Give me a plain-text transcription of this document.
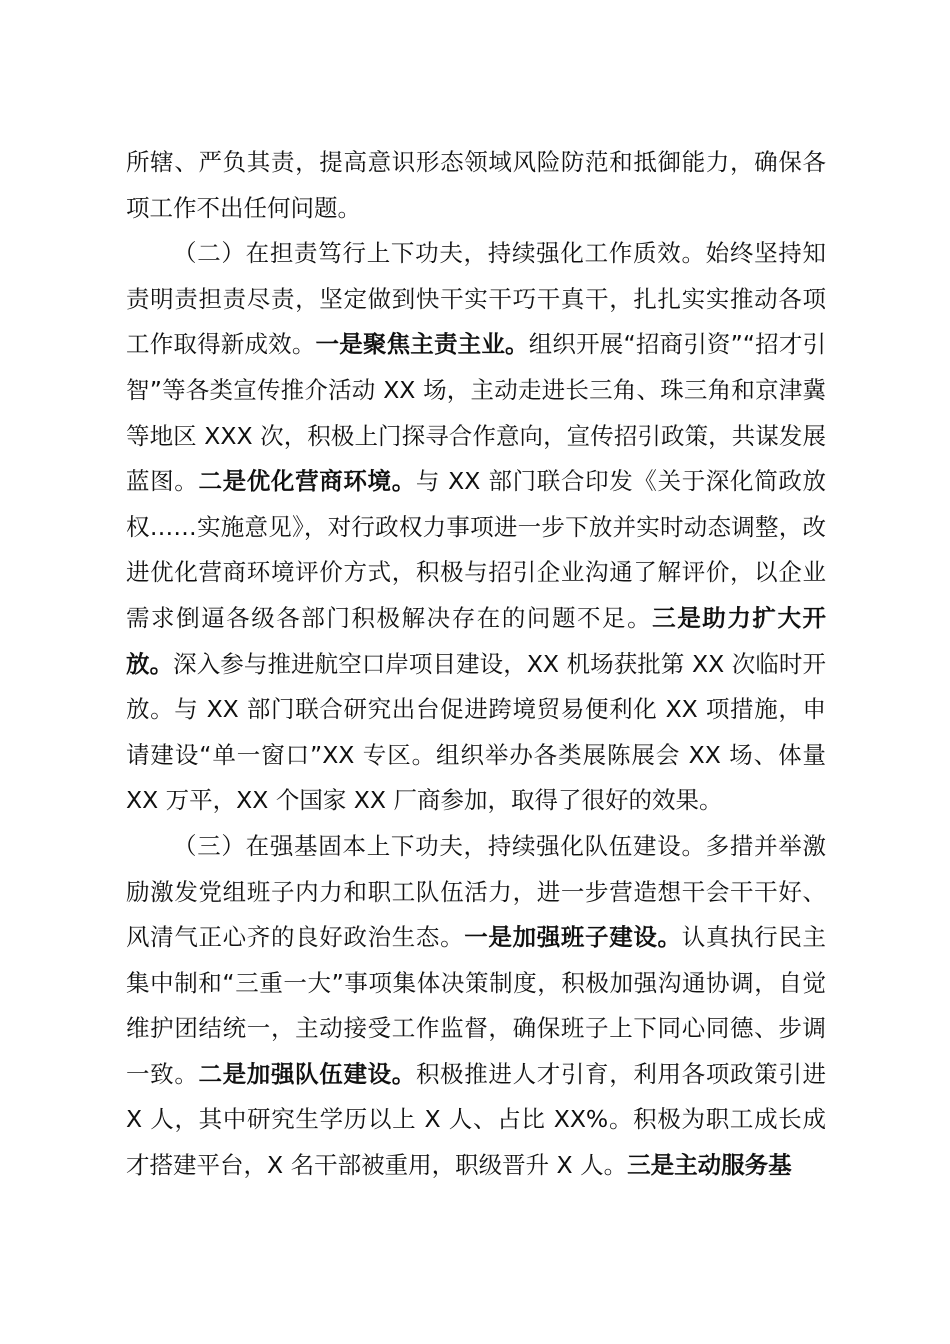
所辖、严负其责，提高意识形态领域风险防范和抵御能力，确保各项工作不出任何问题。

（二）在担责笃行上下功夫，持续强化工作质效。始终坚持知责明责担责尽责，坚定做到快干实干巧干真干，扎扎实实推动各项工作取得新成效。一是聚焦主责主业。组织开展“招商引资”“招才引智”等各类宣传推介活动 XX 场，主动走进长三角、珠三角和京津冀等地区 XXX 次，积极上门探寻合作意向，宣传招引政策，共谋发展蓝图。二是优化营商环境。与 XX 部门联合印发《关于深化简政放权……实施意见》，对行政权力事项进一步下放并实时动态调整，改进优化营商环境评价方式，积极与招引企业沟通了解评价，以企业需求倒逼各级各部门积极解决存在的问题不足。三是助力扩大开放。深入参与推进航空口岸项目建设，XX 机场获批第 XX 次临时开放。与 XX 部门联合研究出台促进跨境贸易便利化 XX 项措施，申请建设“单一窗口”XX 专区。组织举办各类展陈展会 XX 场、体量 XX 万平，XX 个国家 XX 厂商参加，取得了很好的效果。

（三）在强基固本上下功夫，持续强化队伍建设。多措并举激励激发党组班子内力和职工队伍活力，进一步营造想干会干干好、风清气正心齐的良好政治生态。一是加强班子建设。认真执行民主集中制和“三重一大”事项集体决策制度，积极加强沟通协调，自觉维护团结统一，主动接受工作监督，确保班子上下同心同德、步调一致。二是加强队伍建设。积极推进人才引育，利用各项政策引进 X 人，其中研究生学历以上 X 人、占比 XX%。积极为职工成长成才搭建平台，X 名干部被重用，职级晋升 X 人。三是主动服务基
